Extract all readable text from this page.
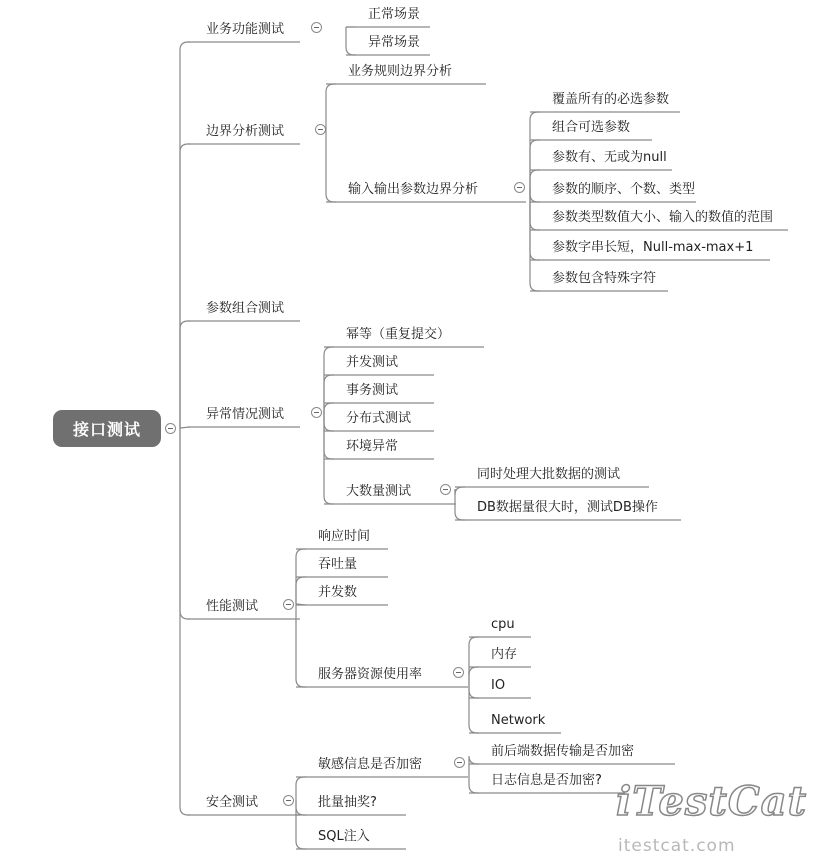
接口测试
业务功能测试
正常场景
异常场景
边界分析测试
业务规则边界分析
输入输出参数边界分析
覆盖所有的必选参数
组合可选参数
参数有、无或为null
参数的顺序、个数、类型
参数类型数值大小、输入的数值的范围
参数字串长短，Null-max-max+1
参数包含特殊字符
参数组合测试
异常情况测试
幂等（重复提交）
并发测试
事务测试
分布式测试
环境异常
大数量测试
同时处理大批数据的测试
DB数据量很大时，测试DB操作
性能测试
响应时间
吞吐量
并发数
服务器资源使用率
cpu
内存
IO
Network
安全测试
敏感信息是否加密
前后端数据传输是否加密
日志信息是否加密?
批量抽奖?
SQL注入
iTestCat
itestcat.com
